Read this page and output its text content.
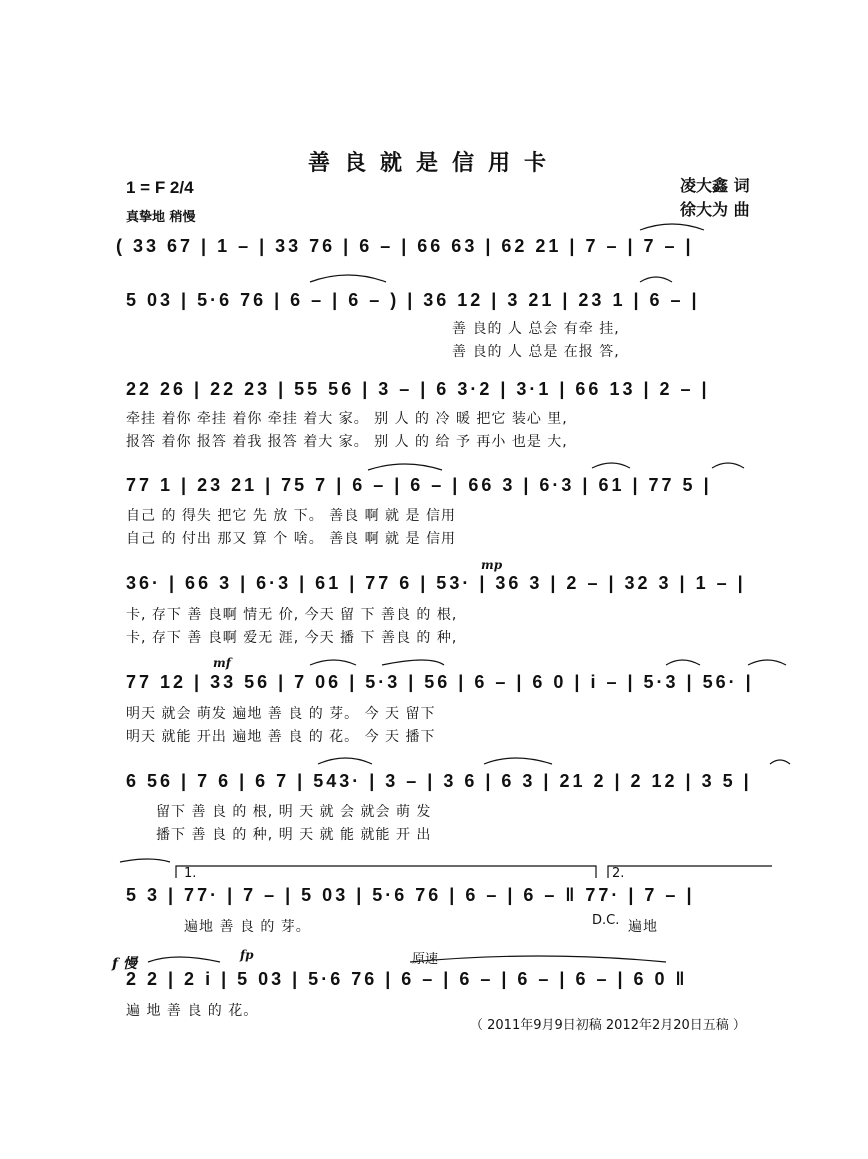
善良就是信用卡
1 = F 2/4
真挚地 稍慢
凌大鑫 词
徐大为 曲
( 33 67 | 1 – | 33 76 | 6 – | 66 63 | 62 21 | 7 – | 7 – |
5 03 | 5·6 76 | 6 – | 6 – ) | 36 12 | 3 21 | 23 1 | 6 – |
善 良的 人 总会 有牵 挂,
善 良的 人 总是 在报 答,
22 26 | 22 23 | 55 56 | 3 – | 6 3·2 | 3·1 | 66 13 | 2 – |
牵挂 着你 牵挂 着你 牵挂 着大 家。 别 人 的 冷 暖 把它 装心 里,
报答 着你 报答 着我 报答 着大 家。 别 人 的 给 予 再小 也是 大,
77 1 | 23 21 | 75 7 | 6 – | 6 – | 66 3 | 6·3 | 61 | 77 5 |
自己 的 得失 把它 先 放 下。 善良 啊 就 是 信用
自己 的 付出 那又 算 个 啥。 善良 啊 就 是 信用
mp
36· | 66 3 | 6·3 | 61 | 77 6 | 53· | 36 3 | 2 – | 32 3 | 1 – |
卡, 存下 善 良啊 情无 价, 今天 留 下 善良 的 根,
卡, 存下 善 良啊 爱无 涯, 今天 播 下 善良 的 种,
mf
77 12 | 33 56 | 7 06 | 5·3 | 56 | 6 – | 6 0 | i – | 5·3 | 56· |
明天 就会 萌发 遍地 善 良 的 芽。 今 天 留下
明天 就能 开出 遍地 善 良 的 花。 今 天 播下
6 56 | 7 6 | 6 7 | 543· | 3 – | 3 6 | 6 3 | 21 2 | 2 12 | 3 5 |
留下 善 良 的 根, 明 天 就 会 就会 萌 发
播下 善 良 的 种, 明 天 就 能 就能 开 出
1.	2.
5 3 | 77· | 7 – | 5 03 | 5·6 76 | 6 – | 6 – ‖ 77· | 7 – |
遍地 善 良 的 芽。	D.C. 遍地
f 慢
fp	原速
2 2 | 2 i | 5 03 | 5·6 76 | 6 – | 6 – | 6 – | 6 – | 6 0 ‖
遍 地 善 良 的 花。
（ 2011年9月9日初稿 2012年2月20日五稿 ）
